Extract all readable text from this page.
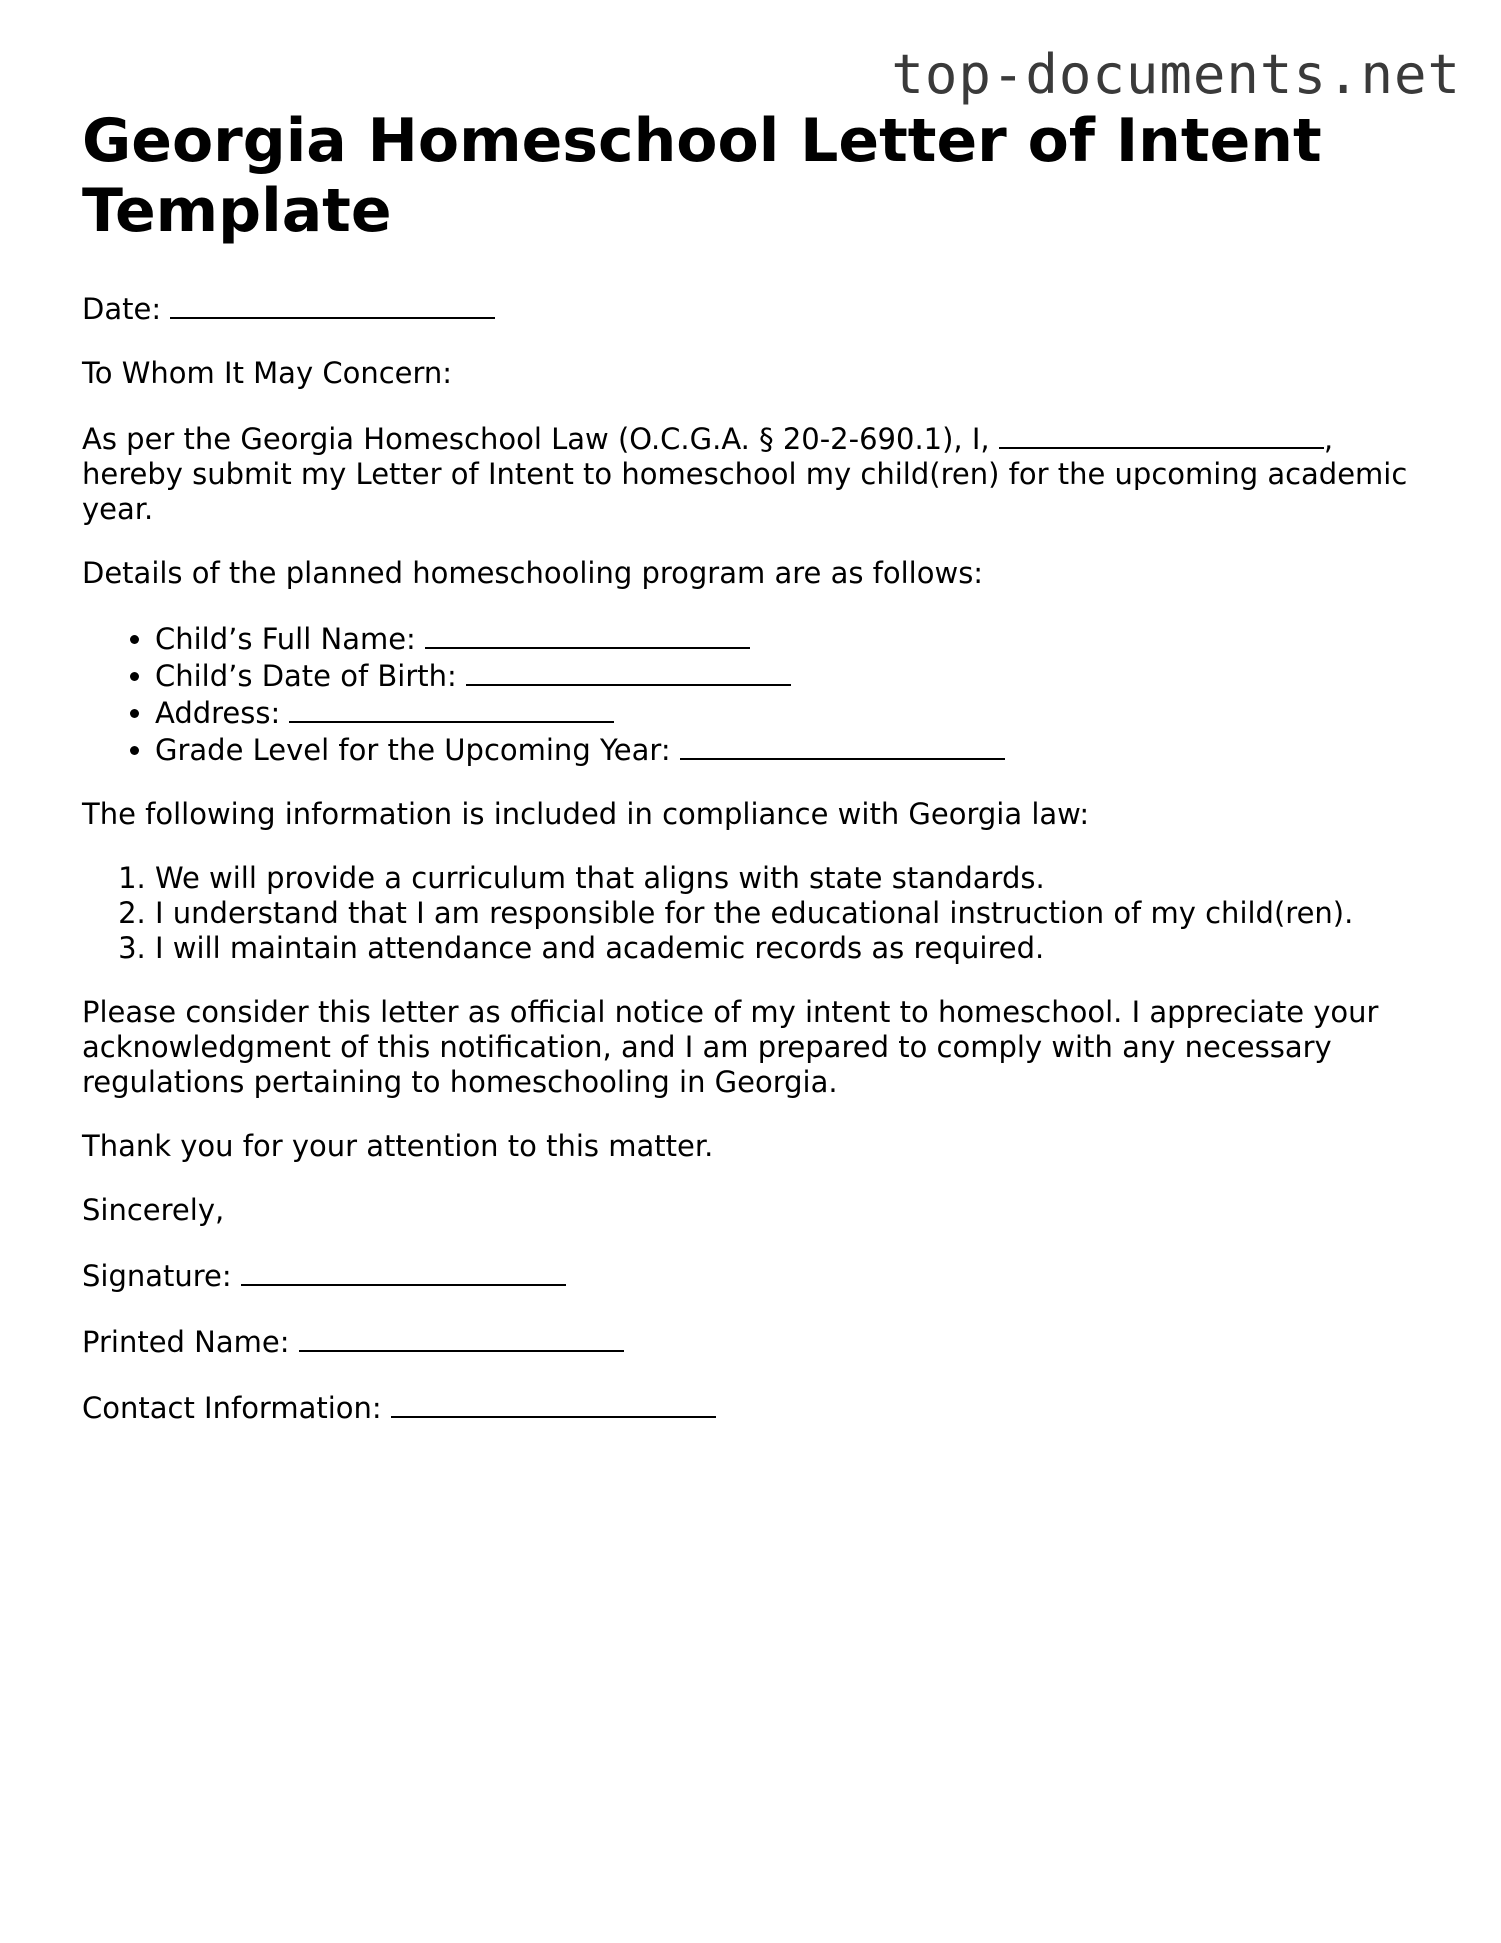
top-documents.net
Georgia Homeschool Letter of Intent Template

Date:

To Whom It May Concern:

As per the Georgia Homeschool Law (O.C.G.A. § 20-2-690.1), I,	, hereby submit my Letter of Intent to homeschool my child(ren) for the upcoming academic year.

Details of the planned homeschooling program are as follows:

• Child’s Full Name:
• Child’s Date of Birth:
• Address:
• Grade Level for the Upcoming Year:

The following information is included in compliance with Georgia law:

1. We will provide a curriculum that aligns with state standards.
2. I understand that I am responsible for the educational instruction of my child(ren).
3. I will maintain attendance and academic records as required.

Please consider this letter as official notice of my intent to homeschool. I appreciate your acknowledgment of this notification, and I am prepared to comply with any necessary regulations pertaining to homeschooling in Georgia.

Thank you for your attention to this matter.

Sincerely,

Signature:

Printed Name:

Contact Information:
